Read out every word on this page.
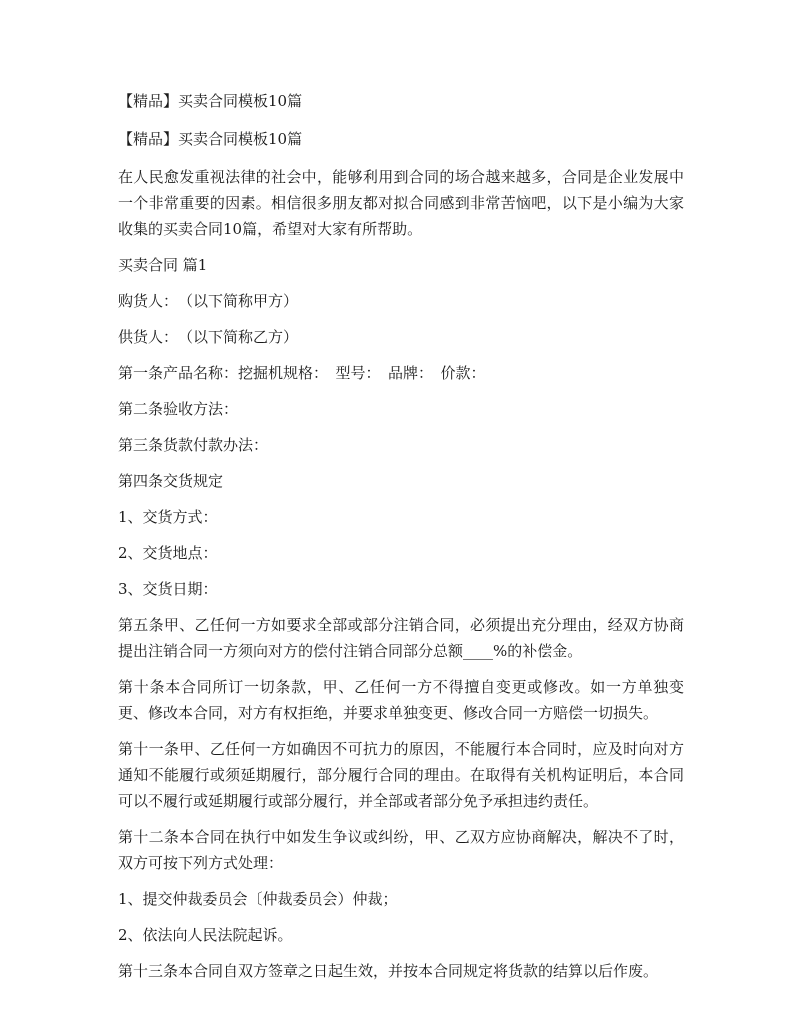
【精品】买卖合同模板10篇

【精品】买卖合同模板10篇

在人民愈发重视法律的社会中，能够利用到合同的场合越来越多，合同是企业发展中一个非常重要的因素。相信很多朋友都对拟合同感到非常苦恼吧，以下是小编为大家收集的买卖合同10篇，希望对大家有所帮助。

买卖合同 篇1

购货人：　（以下简称甲方）

供货人：　（以下简称乙方）

第一条产品名称：挖掘机规格：　型号：　品牌：　价款：

第二条验收方法：

第三条货款付款办法：

第四条交货规定

1、交货方式：

2、交货地点：

3、交货日期：

第五条甲、乙任何一方如要求全部或部分注销合同，必须提出充分理由，经双方协商提出注销合同一方须向对方的偿付注销合同部分总额____%的补偿金。

第十条本合同所订一切条款，甲、乙任何一方不得擅自变更或修改。如一方单独变更、修改本合同，对方有权拒绝，并要求单独变更、修改合同一方赔偿一切损失。

第十一条甲、乙任何一方如确因不可抗力的原因，不能履行本合同时，应及时向对方通知不能履行或须延期履行，部分履行合同的理由。在取得有关机构证明后，本合同可以不履行或延期履行或部分履行，并全部或者部分免予承担违约责任。

第十二条本合同在执行中如发生争议或纠纷，甲、乙双方应协商解决，解决不了时，双方可按下列方式处理：

1、提交仲裁委员会〔仲裁委员会）仲裁；

2、依法向人民法院起诉。

第十三条本合同自双方签章之日起生效，并按本合同规定将货款的结算以后作废。
